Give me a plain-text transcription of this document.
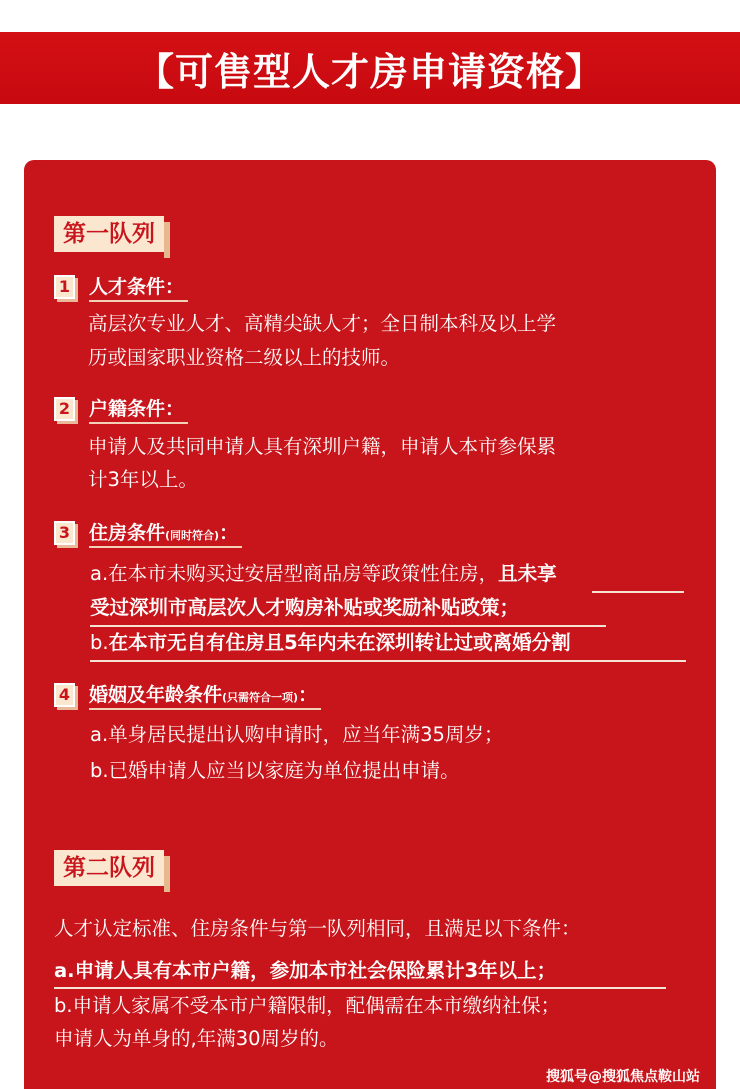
【可售型人才房申请资格】
第一队列
1 人才条件 ：
高层次专业人才、高精尖缺人才；全日制本科及以上学
历或国家职业资格二级以上的技师。
2 户籍条件 ：
申请人及共同申请人具有深圳户籍，申请人本市参保累
计3年以上。
3 住房条件 (同时符合) ：
a.在本市未购买过安居型商品房等政策性住房，且未享
受过深圳市高层次人才购房补贴或奖励补贴政策；
b.在本市无自有住房且5年内未在深圳转让过或离婚分割
4 婚姻及年龄条件 (只需符合一项) ：
a.单身居民提出认购申请时，应当年满35周岁；
b.已婚申请人应当以家庭为单位提出申请。
第二队列
人才认定标准、住房条件与第一队列相同，且满足以下条件：
a.申请人具有本市户籍，参加本市社会保险累计3年以上；
b.申请人家属不受本市户籍限制，配偶需在本市缴纳社保；
申请人为单身的,年满30周岁的。
搜狐号@搜狐焦点鞍山站
